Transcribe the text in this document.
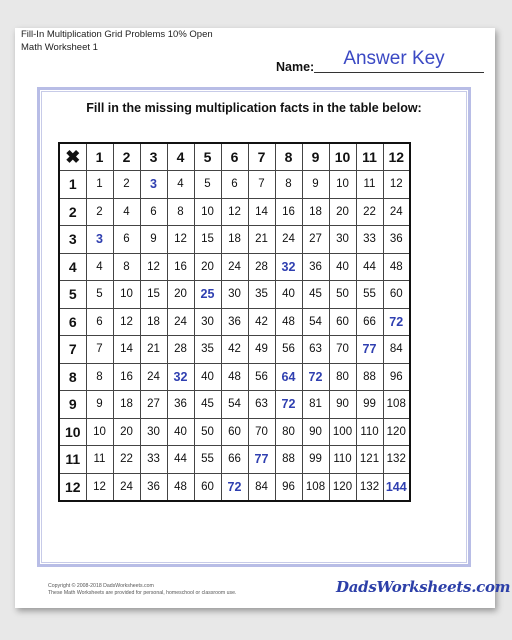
Fill-In Multiplication Grid Problems 10% Open
Math Worksheet 1
Name:	Answer Key
Fill in the missing multiplication facts in the table below:
✖	1	2	3	4	5	6	7	8	9	10	11	12
1	1	2	3	4	5	6	7	8	9	10	11	12
2	2	4	6	8	10	12	14	16	18	20	22	24
3	3	6	9	12	15	18	21	24	27	30	33	36
4	4	8	12	16	20	24	28	32	36	40	44	48
5	5	10	15	20	25	30	35	40	45	50	55	60
6	6	12	18	24	30	36	42	48	54	60	66	72
7	7	14	21	28	35	42	49	56	63	70	77	84
8	8	16	24	32	40	48	56	64	72	80	88	96
9	9	18	27	36	45	54	63	72	81	90	99	108
10	10	20	30	40	50	60	70	80	90	100	110	120
11	11	22	33	44	55	66	77	88	99	110	121	132
12	12	24	36	48	60	72	84	96	108	120	132	144
Copyright © 2008-2018 DadsWorksheets.com
These Math Worksheets are provided for personal, homeschool or classroom use.	DadsWorksheets.com
